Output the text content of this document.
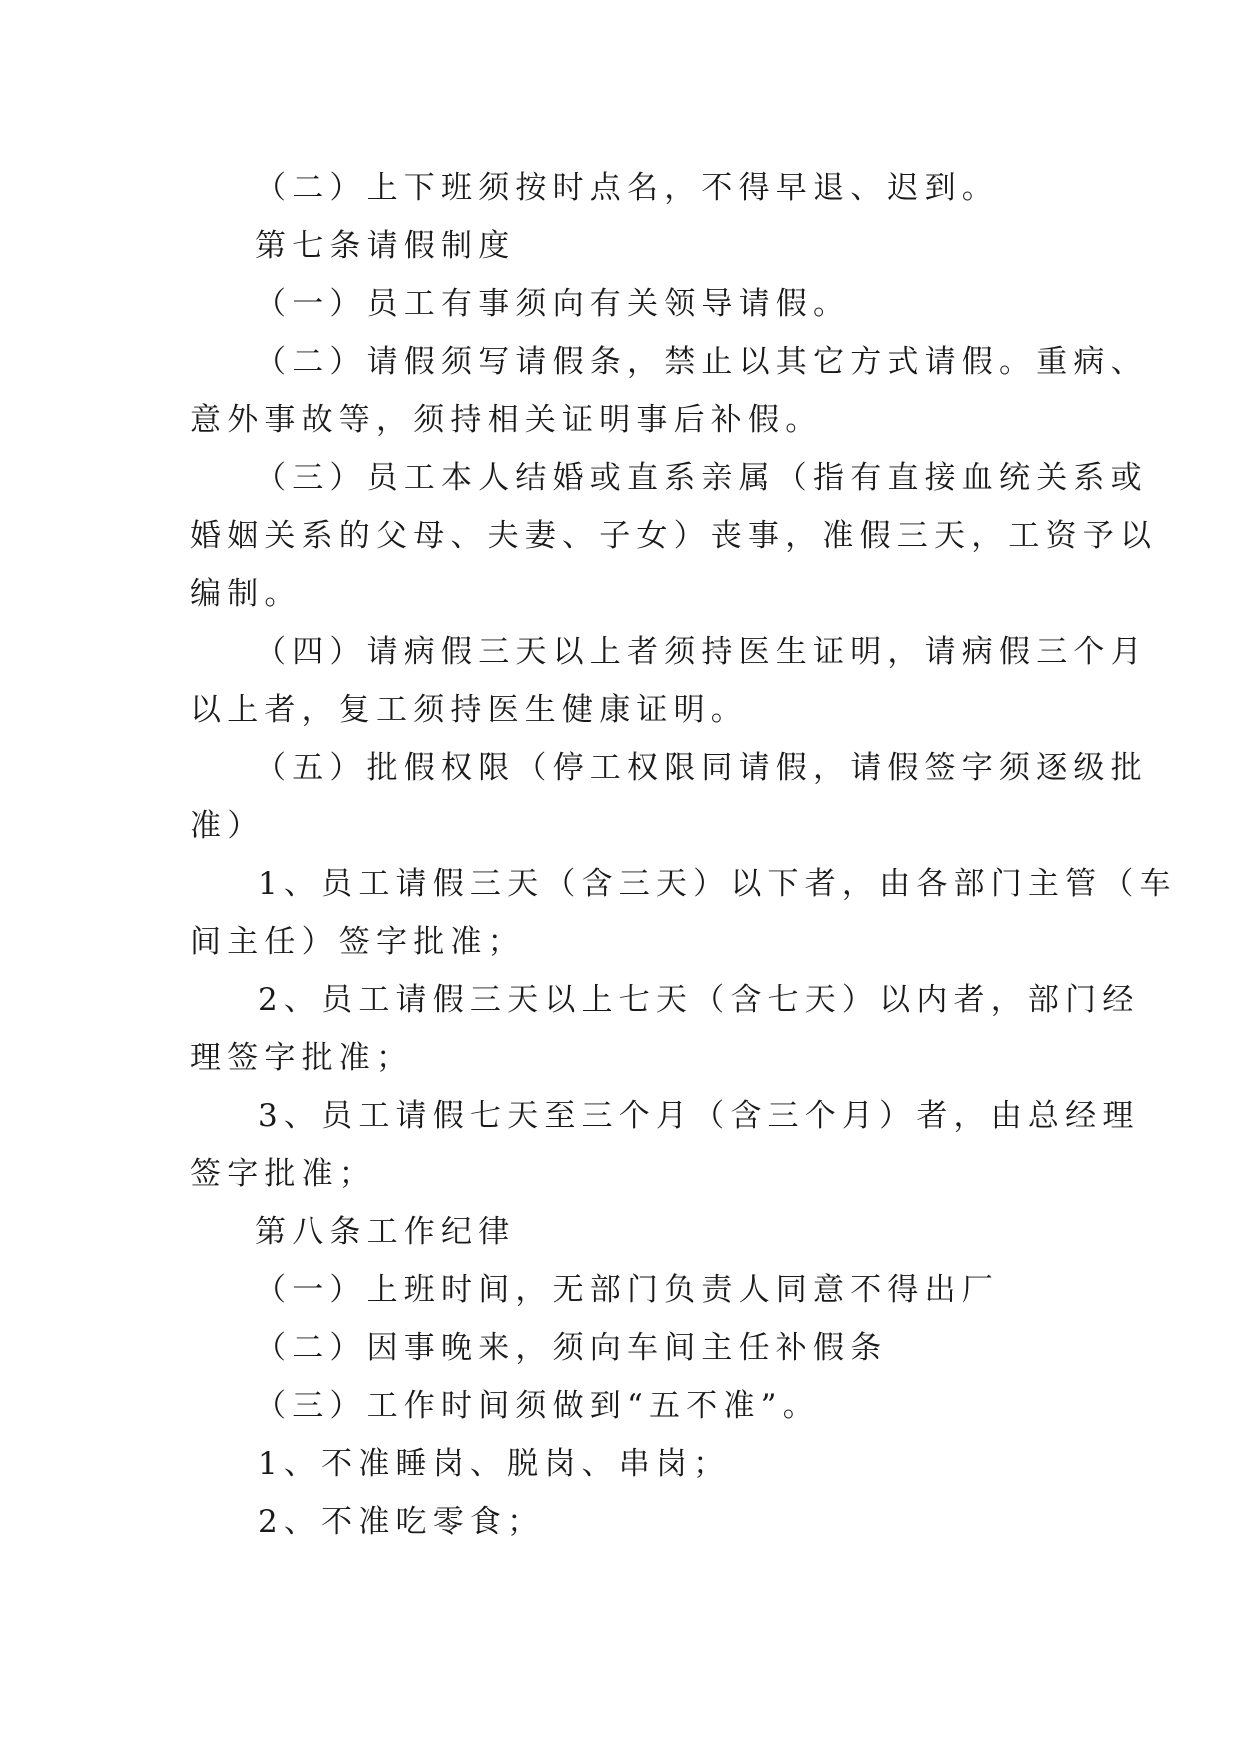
（二）上下班须按时点名，不得早退、迟到。
第七条请假制度
（一）员工有事须向有关领导请假。
（二）请假须写请假条，禁止以其它方式请假。重病、
意外事故等，须持相关证明事后补假。
（三）员工本人结婚或直系亲属（指有直接血统关系或
婚姻关系的父母、夫妻、子女）丧事，准假三天，工资予以
编制。
（四）请病假三天以上者须持医生证明，请病假三个月
以上者，复工须持医生健康证明。
（五）批假权限（停工权限同请假，请假签字须逐级批
准）
1、员工请假三天（含三天）以下者，由各部门主管（车
间主任）签字批准；
2、员工请假三天以上七天（含七天）以内者，部门经
理签字批准；
3、员工请假七天至三个月（含三个月）者，由总经理
签字批准；
第八条工作纪律
（一）上班时间，无部门负责人同意不得出厂
（二）因事晚来，须向车间主任补假条
（三）工作时间须做到“五不准”。
1、不准睡岗、脱岗、串岗；
2、不准吃零食；
